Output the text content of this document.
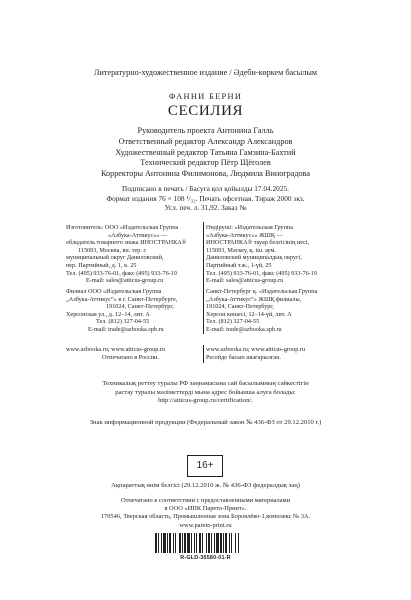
Литературно-художественное издание / Әдеби-көркем басылым
ФАННИ БЕРНИ
СЕСИЛИЯ
Руководитель проекта Антонина Галль
Ответственный редактор Александр Александров
Художественный редактор Татьяна Гамзина-Бахтий
Технический редактор Пётр Щёголев
Корректоры Антонина Филимонова, Людмила Виноградова
Подписано в печать / Басуға қол қойылды 17.04.2025.
Формат издания 76 × 108 ¹/₃₂. Печать офсетная. Тираж 2000 экз.
Усл. печ. л. 31,92. Заказ №
Изготовитель: ООО «Издательская Группа
«Азбука-Аттикус»» —
обладатель товарного знака ИНОСТРАНКА®
115093, Москва, вн. тер. г.
муниципальный округ Даниловский,
пер. Партийный, д. 1, к. 25
Тел. (495) 933-76-01, факс (495) 933-76-19
E-mail: sales@atticus-group.ru
Өндіруші: «Издательская Группа
«Азбука-Аттикус»» ЖШҚ —
ИНОСТРАНКА® тауар белгісінің иесі,
115093, Мәскеу, қ. іш. аум.
Даниловский муниципалдық округі,
Партийный т.ж., 1-үй, 25
Тел. (495) 933-76-01, факс (495) 933-76-19
E-mail: sales@atticus-group.ru
Филиал ООО «Издательская Группа
„Азбука-Аттикус“» в г. Санкт-Петербурге,
191024, Санкт-Петербург,
Херсонская ул., д. 12–14, лит. А
Тел. (812) 327-04-55
E-mail: trade@azbooka.spb.ru
Санкт-Петербург қ. «Издательская Группа
„Азбука-Аттикус“» ЖШҚ филиалы,
191024, Санкт-Петербург,
Херсон көшесі, 12–14-үй, лит. А
Тел. (812) 327-04-55
E-mail: trade@azbooka.spb.ru
www.azbooka.ru; www.atticus-group.ru
Отпечатано в России.
www.azbooka.ru; www.atticus-group.ru
Ресейде басып шығарылған.
Техникалық реттеу туралы РФ заңнамасына сай басылымның сәйкестігін
растау туралы мәліметтерді мына адрес бойынша алуға болады:
http://atticus-group.ru/certification/.
Знак информационной продукции (Федеральный закон № 436-ФЗ от 29.12.2010 г.)
16+
Ақпараттық өнім белгісі (29.12.2010 ж. № 436-ФЗ федералдық заң)
Отпечатано в соответствии с предоставленными материалами
в ООО «ИПК Парето-Принт».
170546, Тверская область, Промышленная зона Боровлёво-1,комплекс № 3А.
www.pareto-print.ru
R-GLD-36580-01-R
